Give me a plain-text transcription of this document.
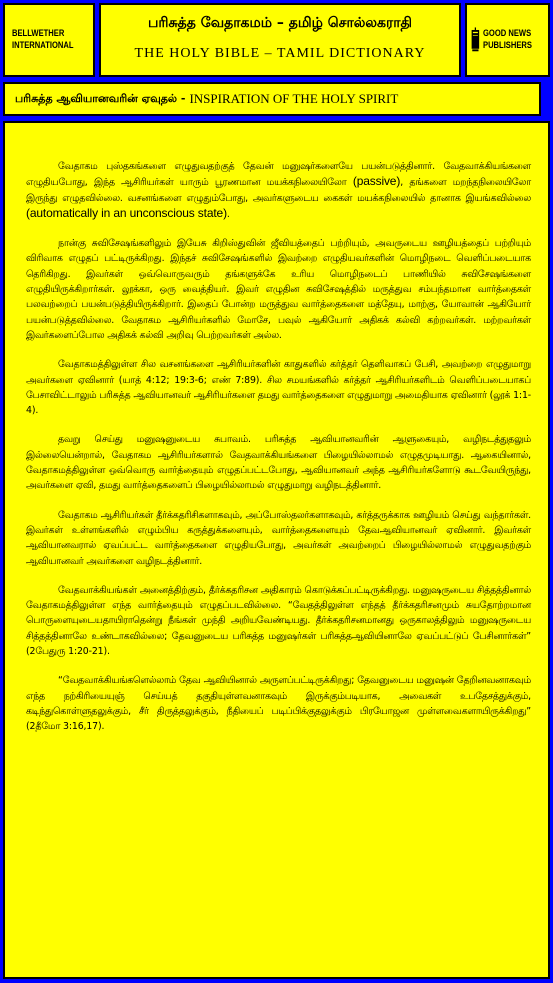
BELLWETHER
INTERNATIONAL
பரிசுத்த வேதாகமம் – தமிழ் சொல்லகராதி
THE HOLY BIBLE – TAMIL DICTIONARY
GOOD NEWS
PUBLISHERS
பரிசுத்த ஆவியானவரின் ஏவுதல் - INSPIRATION OF THE HOLY SPIRIT

வேதாகம புஸ்தகங்களை எழுதுவதற்குத் தேவன் மனுஷர்களையே பயன்படுத்தினார். வேதவாக்கியங்களை எழுதியபோது, இந்த ஆசிரியர்கள் யாரும் பூரணமான மயக்கநிலையிலோ (passive), தங்களை மறந்தநிலையிலோ இருந்து எழுதவில்லை. வசனங்களை எழுதும்போது, அவர்களுடைய கைகள் மயக்கநிலையில் தானாக இயங்கவில்லை (automatically in an unconscious state).

நான்கு சுவிசேஷங்களிலும் இயேசு கிறிஸ்துவின் ஜீவியத்தைப் பற்றியும், அவருடைய ஊழியத்தைப் பற்றியும் விரிவாக எழுதப் பட்டிருக்கிறது. இந்தச் சுவிசேஷங்களில் இவற்றை எழுதியவர்களின் மொழிநடை வெளிப்படையாக தெரிகிறது. இவர்கள் ஒவ்வொருவரும் தங்களுக்கே உரிய மொழிநடைப் பாணியில் சுவிசேஷங்களை எழுதியிருக்கிறார்கள். லூக்கா, ஒரு வைத்தியர். இவர் எழுதின சுவிசேஷத்தில் மருத்துவ சம்பந்தமான வார்த்தைகள் பலவற்றைப் பயன்படுத்தியிருக்கிறார். இதைப் போன்ற மருத்துவ வார்த்தைகளை மத்தேயு, மாற்கு, யோவான் ஆகியோர் பயன்படுத்தவில்லை. வேதாகம ஆசிரியர்களில் மோசே, பவுல் ஆகியோர் அதிகக் கல்வி கற்றவர்கள். மற்றவர்கள் இவர்களைப்போல அதிகக் கல்வி அறிவு பெற்றவர்கள் அல்ல.

வேதாகமத்திலுள்ள சில வசனங்களை ஆசிரியர்களின் காதுகளில் கர்த்தர் தெளிவாகப் பேசி, அவற்றை எழுதுமாறு அவர்களை ஏவினார் (யாத் 4:12; 19:3-6; எண் 7:89). சில சமயங்களில் கர்த்தர் ஆசிரியர்களிடம் வெளிப்படையாகப் பேசாவிட்டாலும் பரிசுத்த ஆவியானவர் ஆசிரியர்களை தமது வார்த்தைகளை எழுதுமாறு அமைதியாக ஏவினார் (லூக் 1:1-4).

தவறு செய்து மனுஷனுடைய சுபாவம். பரிசுத்த ஆவியானவரின் ஆளுகையும், வழிநடத்துதலும் இல்லையென்றால், வேதாகம ஆசிரியர்களால் வேதவாக்கியங்களை பிழையில்லாமல் எழுதமுடியாது. ஆகையினால், வேதாகமத்திலுள்ள ஒவ்வொரு வார்த்தையும் எழுதப்பட்டபோது, ஆவியானவர் அந்த ஆசிரியர்களோடு கூடவேயிருந்து, அவர்களை ஏவி, தமது வார்த்தைகளைப் பிழையில்லாமல் எழுதுமாறு வழிநடத்தினார்.

வேதாகம ஆசிரியர்கள் தீர்க்கதரிசிகளாகவும், அப்போஸ்தலர்களாகவும், கர்த்தருக்காக ஊழியம் செய்து வந்தார்கள். இவர்கள் உள்ளங்களில் எழும்பிய கருத்துக்களையும், வார்த்தைகளையும் தேவஆவியானவர் ஏவினார். இவர்கள் ஆவியானவரால் ஏவப்பட்ட வார்த்தைகளை எழுதியபோது, அவர்கள் அவற்றைப் பிழையில்லாமல் எழுதுவதற்கும் ஆவியானவர் அவர்களை வழிநடத்தினார்.

வேதவாக்கியங்கள் அனைத்திற்கும், தீர்க்கதரிசன அதிகாரம் கொடுக்கப்பட்டிருக்கிறது. மனுஷருடைய சித்தத்தினால் வேதாகமத்திலுள்ள எந்த வார்த்தையும் எழுதப்படவில்லை. “வேதத்திலுள்ள எந்தத் தீர்க்கதரிசனமும் சுயதோற்றமான பொருளையுடையதாயிராதென்று நீங்கள் முந்தி அறியவேண்டியது. தீர்க்கதரிசனமானது ஒருகாலத்திலும் மனுஷருடைய சித்தத்தினாலே உண்டாகவில்லை; தேவனுடைய பரிசுத்த மனுஷர்கள் பரிசுத்தஆவியினாலே ஏவப்பட்டுப் பேசினார்கள்” (2பேதுரு 1:20-21).

“வேதவாக்கியங்களெல்லாம் தேவ ஆவியினால் அருளப்பட்டிருக்கிறது; தேவனுடைய மனுஷன் தேறினவனாகவும் எந்த நற்கிரியையுஞ் செய்யத் தகுதியுள்ளவனாகவும் இருக்கும்படியாக, அவைகள் உபதேசத்துக்கும், கடிந்துகொள்ளுதலுக்கும், சீர் திருத்தலுக்கும், நீதியைப் படிப்பிக்குதலுக்கும் பிரயோஜன முள்ளவைகளாயிருக்கிறது” (2தீமோ 3:16,17).
